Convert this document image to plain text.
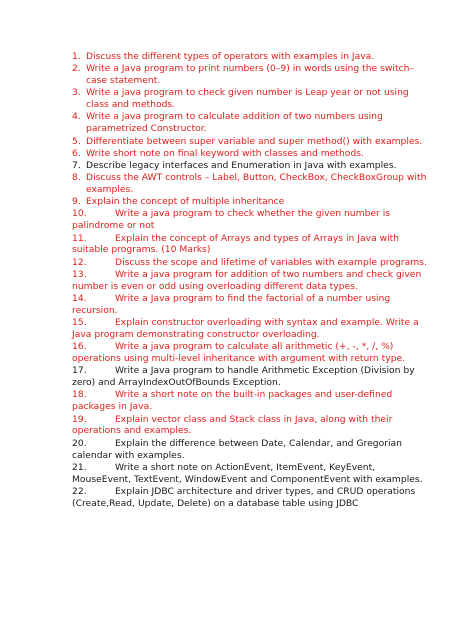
1. Discuss the different types of operators with examples in Java.
2. Write a Java program to print numbers (0–9) in words using the switch–case statement.
3. Write a java program to check given number is Leap year or not using class and methods.
4. Write a java program to calculate addition of two numbers using parametrized Constructor.
5. Differentiate between super variable and super method() with examples.
6. Write short note on final keyword with classes and methods.
7. Describe legacy interfaces and Enumeration in Java with examples.
8. Discuss the AWT controls – Label, Button, CheckBox, CheckBoxGroup with examples.
9. Explain the concept of multiple inheritance
10.	Write a java program to check whether the given number is palindrome or not
11.	Explain the concept of Arrays and types of Arrays in Java with suitable programs. (10 Marks)
12.	Discuss the scope and lifetime of variables with example programs.
13.	Write a java program for addition of two numbers and check given number is even or odd using overloading different data types.
14.	Write a Java program to find the factorial of a number using recursion.
15.	Explain constructor overloading with syntax and example. Write a Java program demonstrating constructor overloading.
16.	Write a java program to calculate all arithmetic (+, -, *, /, %) operations using multi-level inheritance with argument with return type.
17.	Write a Java program to handle Arithmetic Exception (Division by zero) and ArrayIndexOutOfBounds Exception.
18.	Write a short note on the built-in packages and user-defined packages in Java.
19.	Explain vector class and Stack class in Java, along with their operations and examples.
20.	Explain the difference between Date, Calendar, and Gregorian calendar with examples.
21.	Write a short note on ActionEvent, ItemEvent, KeyEvent, MouseEvent, TextEvent, WindowEvent and ComponentEvent with examples.
22.	Explain JDBC architecture and driver types, and CRUD operations (Create,Read, Update, Delete) on a database table using JDBC
